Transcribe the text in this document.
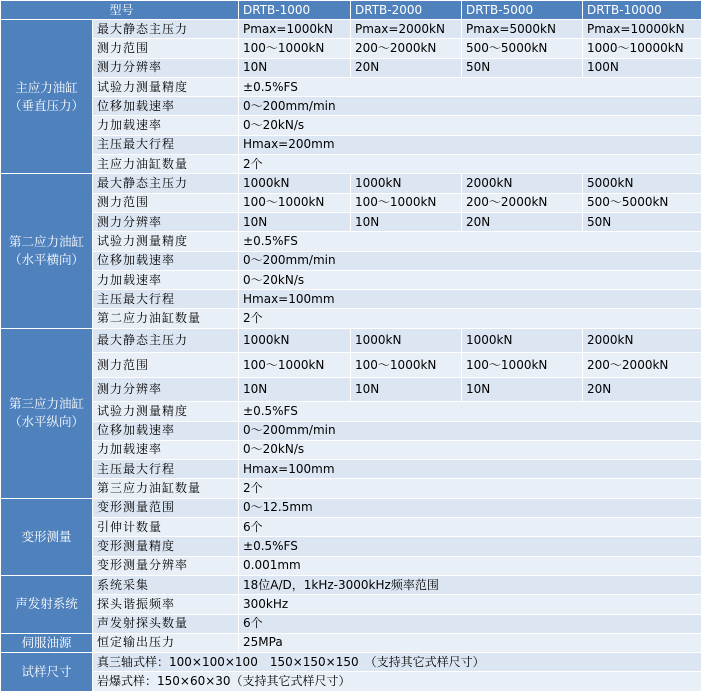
型号		DRTB-1000	DRTB-2000	DRTB-5000	DRTB-10000
主应力油缸（垂直压力）	最大静态主压力	Pmax=1000kN	Pmax=2000kN	Pmax=5000kN	Pmax=10000kN
	测力范围	100～1000kN	200～2000kN	500～5000kN	1000～10000kN
	测力分辨率	10N	20N	50N	100N
	试验力测量精度	±0.5%FS			
	位移加载速率	0～200mm/min			
	力加载速率	0～20kN/s			
	主压最大行程	Hmax=200mm			
	主应力油缸数量	2个			
第二应力油缸（水平横向）	最大静态主压力	1000kN	1000kN	2000kN	5000kN
	测力范围	100～1000kN	100～1000kN	200～2000kN	500～5000kN
	测力分辨率	10N	10N	20N	50N
	试验力测量精度	±0.5%FS			
	位移加载速率	0～200mm/min			
	力加载速率	0～20kN/s			
	主压最大行程	Hmax=100mm			
	第二应力油缸数量	2个			
第三应力油缸（水平纵向）	最大静态主压力	1000kN	1000kN	1000kN	2000kN
	测力范围	100～1000kN	100～1000kN	100～1000kN	200～2000kN
	测力分辨率	10N	10N	10N	20N
	试验力测量精度	±0.5%FS			
	位移加载速率	0～200mm/min			
	力加载速率	0～20kN/s			
	主压最大行程	Hmax=100mm			
	第三应力油缸数量	2个			
变形测量	变形测量范围	0～12.5mm			
	引伸计数量	6个			
	变形测量精度	±0.5%FS			
	变形测量分辨率	0.001mm			
声发射系统	系统采集	18位A/D，1kHz-3000kHz频率范围			
	探头谐振频率	300kHz			
	声发射探头数量	6个			
伺服油源	恒定输出压力	25MPa			
试样尺寸	真三轴式样：100×100×100　150×150×150　（支持其它式样尺寸）				
	岩爆式样：150×60×30（支持其它式样尺寸）				
